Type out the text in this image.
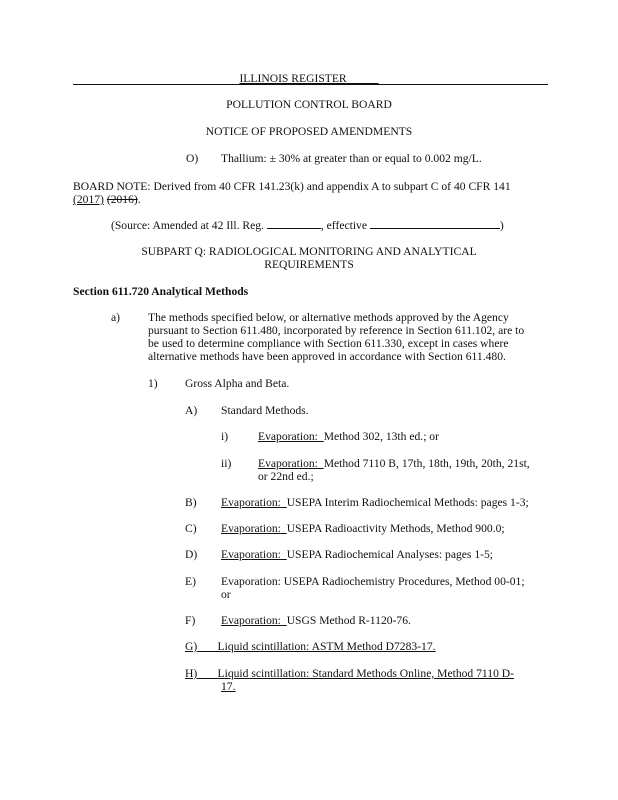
ILLINOIS REGISTER
POLLUTION CONTROL BOARD
NOTICE OF PROPOSED AMENDMENTS
O) Thallium: ± 30% at greater than or equal to 0.002 mg/L.
BOARD NOTE: Derived from 40 CFR 141.23(k) and appendix A to subpart C of 40 CFR 141
(2017) (2016).
(Source: Amended at 42 Ill. Reg.	, effective	)
SUBPART Q: RADIOLOGICAL MONITORING AND ANALYTICAL
REQUIREMENTS
Section 611.720 Analytical Methods
a) The methods specified below, or alternative methods approved by the Agency
pursuant to Section 611.480, incorporated by reference in Section 611.102, are to
be used to determine compliance with Section 611.330, except in cases where
alternative methods have been approved in accordance with Section 611.480.
1) Gross Alpha and Beta.
A) Standard Methods.
i)	Evaporation: Method 302, 13th ed.; or
ii) Evaporation: Method 7110 B, 17th, 18th, 19th, 20th, 21st,
or 22nd ed.;
B) Evaporation: USEPA Interim Radiochemical Methods: pages 1-3;
C) Evaporation: USEPA Radioactivity Methods, Method 900.0;
D) Evaporation: USEPA Radiochemical Analyses: pages 1-5;
E) Evaporation: USEPA Radiochemistry Procedures, Method 00-01;
or
F) Evaporation: USGS Method R-1120-76.
G) Liquid scintillation: ASTM Method D7283-17.
H) Liquid scintillation: Standard Methods Online, Method 7110 D-
17.
